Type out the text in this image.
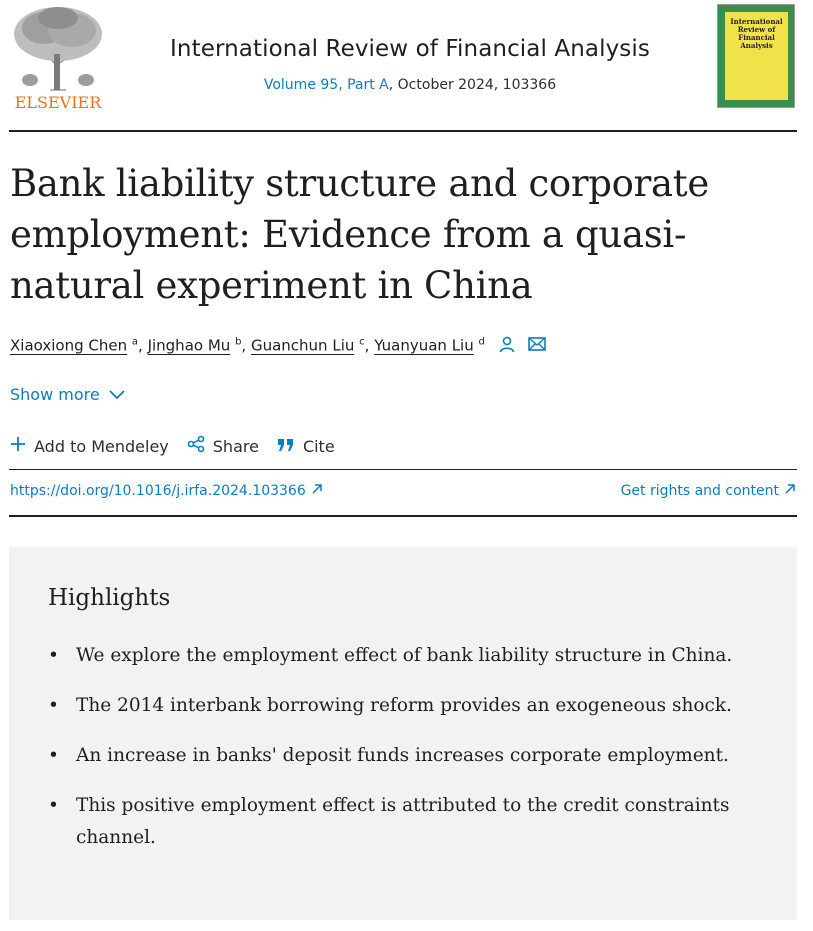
ELSEVIER
International Review of Financial Analysis
Volume 95, Part A, October 2024, 103366
International Review of Financial Analysis
Bank liability structure and corporate employment: Evidence from a quasi-natural experiment in China
Xiaoxiong Chen $^a$, Jinghao Mu $^b$, Guanchun Liu $^c$, Yuanyuan Liu $^d$
Show more
Add to Mendeley	Share	Cite
https://doi.org/10.1016/j.irfa.2024.103366	Get rights and content
Highlights
• We explore the employment effect of bank liability structure in China.
• The 2014 interbank borrowing reform provides an exogeneous shock.
• An increase in banks' deposit funds increases corporate employment.
• This positive employment effect is attributed to the credit constraints channel.
